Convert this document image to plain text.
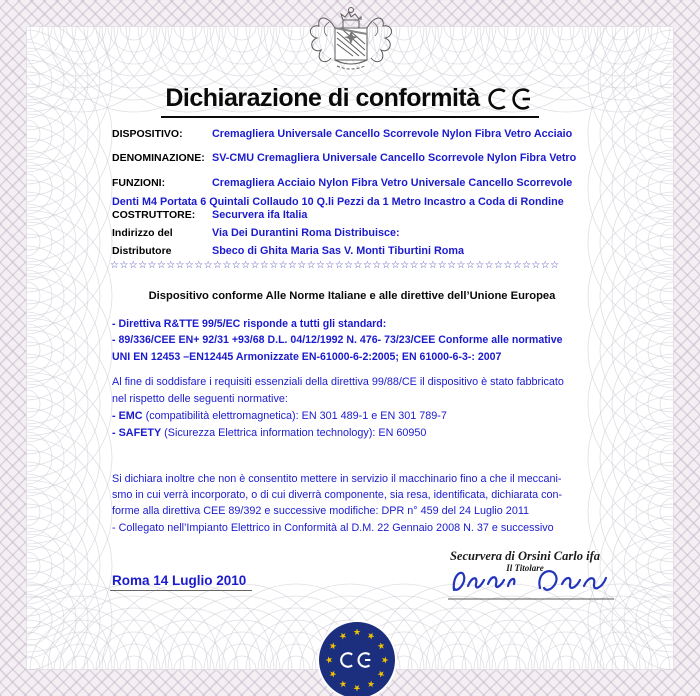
Dichiarazione di conformità
DISPOSITIVO:	Cremagliera Universale Cancello Scorrevole Nylon Fibra Vetro Acciaio
DENOMINAZIONE: SV-CMU Cremagliera Universale Cancello Scorrevole Nylon Fibra Vetro
FUNZIONI:	Cremagliera Acciaio Nylon Fibra Vetro Universale Cancello Scorrevole
Denti M4 Portata 6 Quintali Collaudo 10 Q.li Pezzi da 1 Metro Incastro a Coda di Rondine
COSTRUTTORE:	Securvera ifa Italia
Indirizzo del	Via Dei Durantini Roma Distribuisce:
Distributore	Sbeco di Ghita Maria Sas V. Monti Tiburtini Roma
☆☆☆☆☆☆☆☆☆☆☆☆☆☆☆☆☆☆☆☆☆☆☆☆☆☆☆☆☆☆☆☆☆☆☆☆☆☆☆☆☆☆☆☆☆☆☆☆
Dispositivo conforme Alle Norme Italiane e alle direttive dell’Unione Europea
- Direttiva R&TTE 99/5/EC risponde a tutti gli standard:
- 89/336/CEE EN+ 92/31 +93/68 D.L. 04/12/1992 N. 476- 73/23/CEE Conforme alle normative
UNI EN 12453 –EN12445 Armonizzate EN-61000-6-2:2005; EN 61000-6-3-: 2007
Al fine di soddisfare i requisiti essenziali della direttiva 99/88/CE il dispositivo è stato fabbricato
nel rispetto delle seguenti normative:
- EMC (compatibilità elettromagnetica): EN 301 489-1 e EN 301 789-7
- SAFETY (Sicurezza Elettrica information technology): EN 60950
Si dichiara inoltre che non è consentito mettere in servizio il macchinario fino a che il meccani-
smo in cui verrà incorporato, o di cui diverrà componente, sia resa, identificata, dichiarata con-
forme alla direttiva CEE 89/392 e successive modifiche: DPR n° 459 del 24 Luglio 2011
- Collegato nell’Impianto Elettrico in Conformità al D.M. 22 Gennaio 2008 N. 37 e successivo
Securvera di Orsini Carlo ifa
Il Titolare
Roma 14 Luglio 2010
★ ★
★
★
★
★
★
★
★
★
★
★
